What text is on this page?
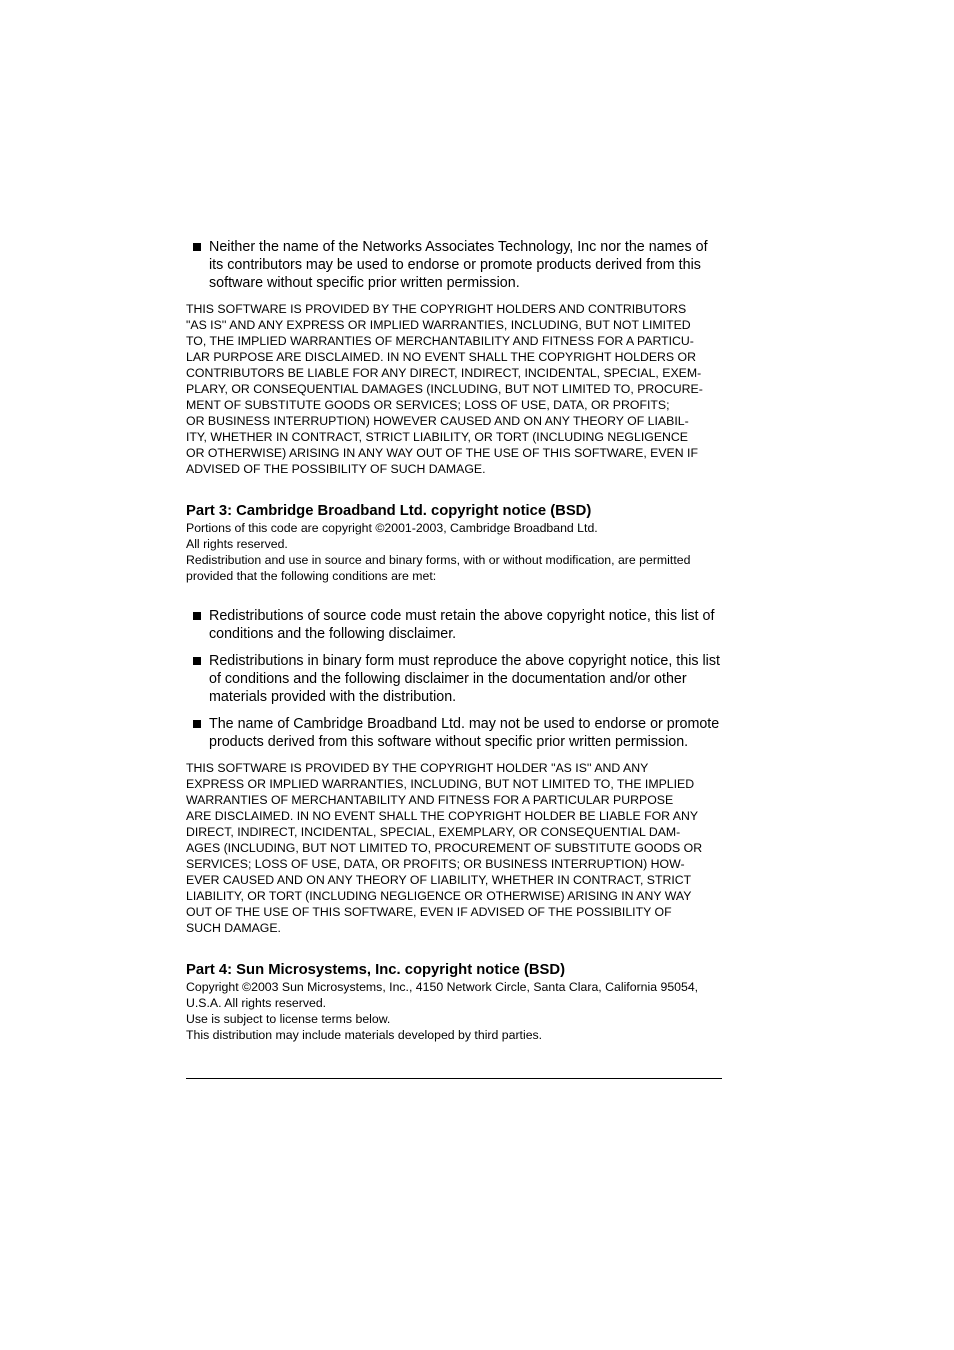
Neither the name of the Networks Associates Technology, Inc nor the names of its contributors may be used to endorse or promote products derived from this software without specific prior written permission.

THIS SOFTWARE IS PROVIDED BY THE COPYRIGHT HOLDERS AND CONTRIBUTORS
"AS IS'' AND ANY EXPRESS OR IMPLIED WARRANTIES, INCLUDING, BUT NOT LIMITED
TO, THE IMPLIED WARRANTIES OF MERCHANTABILITY AND FITNESS FOR A PARTICU-
LAR PURPOSE ARE DISCLAIMED. IN NO EVENT SHALL THE COPYRIGHT HOLDERS OR
CONTRIBUTORS BE LIABLE FOR ANY DIRECT, INDIRECT, INCIDENTAL, SPECIAL, EXEM-
PLARY, OR CONSEQUENTIAL DAMAGES (INCLUDING, BUT NOT LIMITED TO, PROCURE-
MENT OF SUBSTITUTE GOODS OR SERVICES; LOSS OF USE, DATA, OR PROFITS;
OR BUSINESS INTERRUPTION) HOWEVER CAUSED AND ON ANY THEORY OF LIABIL-
ITY, WHETHER IN CONTRACT, STRICT LIABILITY, OR TORT (INCLUDING NEGLIGENCE
OR OTHERWISE) ARISING IN ANY WAY OUT OF THE USE OF THIS SOFTWARE, EVEN IF
ADVISED OF THE POSSIBILITY OF SUCH DAMAGE.

Part 3: Cambridge Broadband Ltd. copyright notice (BSD)

Portions of this code are copyright ©2001-2003, Cambridge Broadband Ltd.
All rights reserved.
Redistribution and use in source and binary forms, with or without modification, are permitted
provided that the following conditions are met:

Redistributions of source code must retain the above copyright notice, this list of conditions and the following disclaimer.
Redistributions in binary form must reproduce the above copyright notice, this list of conditions and the following disclaimer in the documentation and/or other materials provided with the distribution.
The name of Cambridge Broadband Ltd. may not be used to endorse or promote products derived from this software without specific prior written permission.

THIS SOFTWARE IS PROVIDED BY THE COPYRIGHT HOLDER "AS IS'' AND ANY
EXPRESS OR IMPLIED WARRANTIES, INCLUDING, BUT NOT LIMITED TO, THE IMPLIED
WARRANTIES OF MERCHANTABILITY AND FITNESS FOR A PARTICULAR PURPOSE
ARE DISCLAIMED. IN NO EVENT SHALL THE COPYRIGHT HOLDER BE LIABLE FOR ANY
DIRECT, INDIRECT, INCIDENTAL, SPECIAL, EXEMPLARY, OR CONSEQUENTIAL DAM-
AGES (INCLUDING, BUT NOT LIMITED TO, PROCUREMENT OF SUBSTITUTE GOODS OR
SERVICES; LOSS OF USE, DATA, OR PROFITS; OR BUSINESS INTERRUPTION) HOW-
EVER CAUSED AND ON ANY THEORY OF LIABILITY, WHETHER IN CONTRACT, STRICT
LIABILITY, OR TORT (INCLUDING NEGLIGENCE OR OTHERWISE) ARISING IN ANY WAY
OUT OF THE USE OF THIS SOFTWARE, EVEN IF ADVISED OF THE POSSIBILITY OF
SUCH DAMAGE.

Part 4: Sun Microsystems, Inc. copyright notice (BSD)

Copyright ©2003 Sun Microsystems, Inc., 4150 Network Circle, Santa Clara, California 95054,
U.S.A. All rights reserved.
Use is subject to license terms below.
This distribution may include materials developed by third parties.
